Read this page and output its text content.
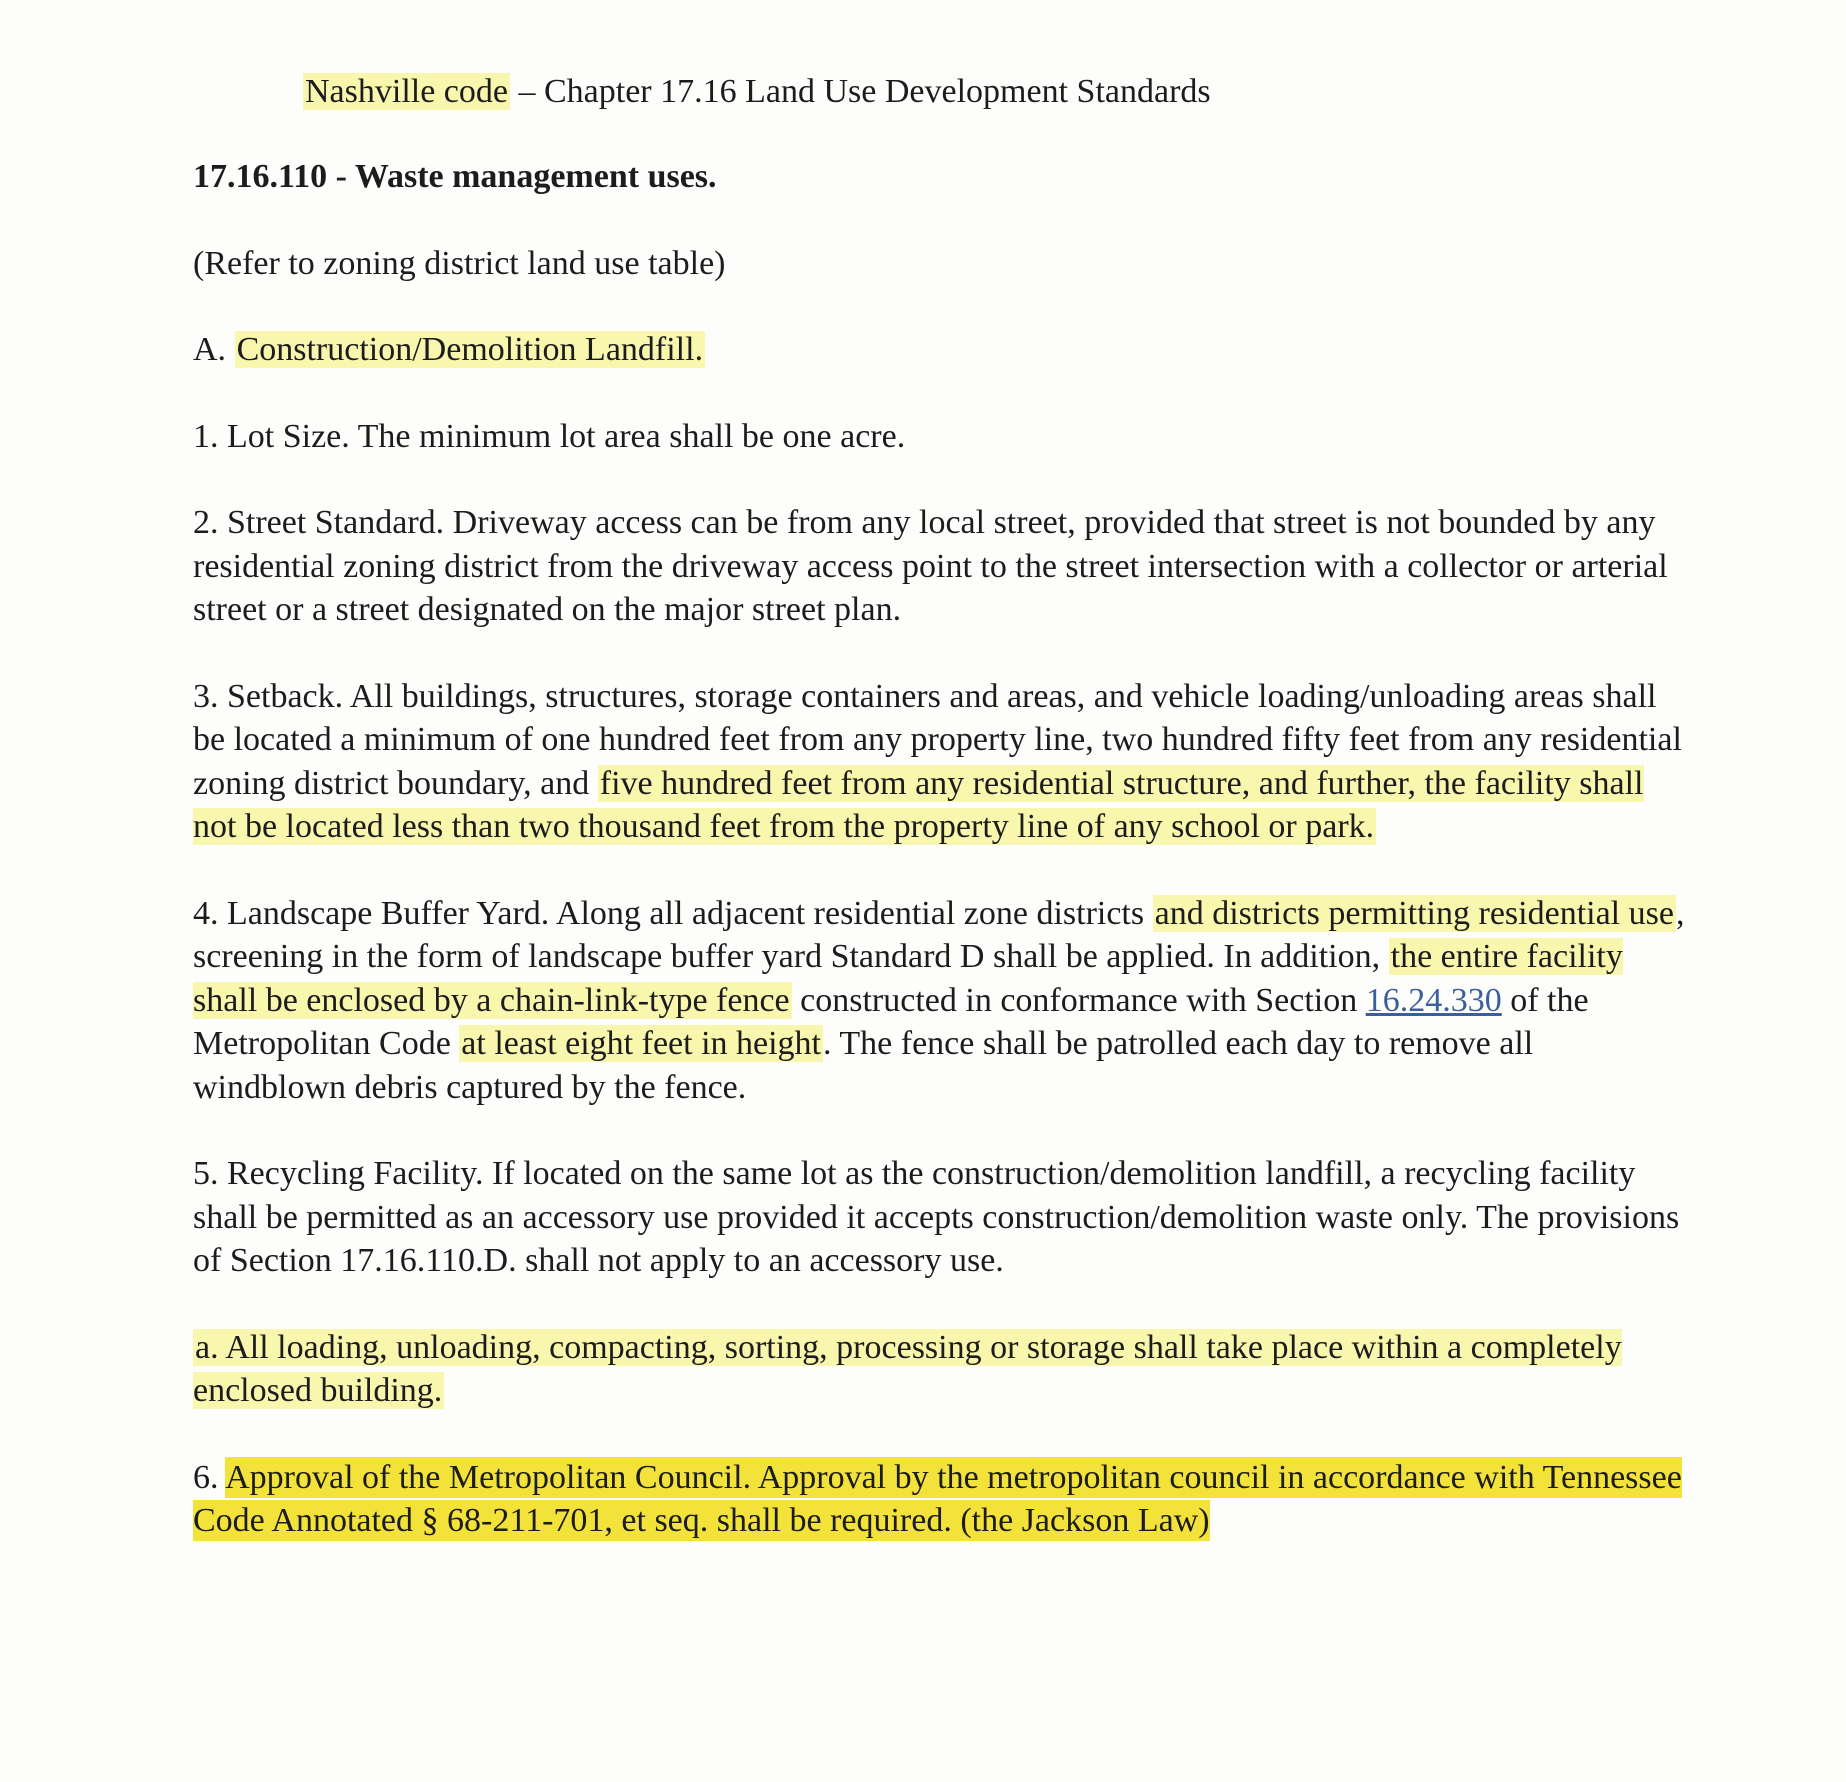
Nashville code – Chapter 17.16 Land Use Development Standards

17.16.110 - Waste management uses.

(Refer to zoning district land use table)

A. Construction/Demolition Landfill.

1. Lot Size. The minimum lot area shall be one acre.

2. Street Standard. Driveway access can be from any local street, provided that street is not bounded by any residential zoning district from the driveway access point to the street intersection with a collector or arterial street or a street designated on the major street plan.

3. Setback. All buildings, structures, storage containers and areas, and vehicle loading/unloading areas shall be located a minimum of one hundred feet from any property line, two hundred fifty feet from any residential zoning district boundary, and five hundred feet from any residential structure, and further, the facility shall not be located less than two thousand feet from the property line of any school or park.

4. Landscape Buffer Yard. Along all adjacent residential zone districts and districts permitting residential use, screening in the form of landscape buffer yard Standard D shall be applied. In addition, the entire facility shall be enclosed by a chain-link-type fence constructed in conformance with Section 16.24.330 of the Metropolitan Code at least eight feet in height. The fence shall be patrolled each day to remove all windblown debris captured by the fence.

5. Recycling Facility. If located on the same lot as the construction/demolition landfill, a recycling facility shall be permitted as an accessory use provided it accepts construction/demolition waste only. The provisions of Section 17.16.110.D. shall not apply to an accessory use.

a. All loading, unloading, compacting, sorting, processing or storage shall take place within a completely enclosed building.

6. Approval of the Metropolitan Council. Approval by the metropolitan council in accordance with Tennessee Code Annotated § 68-211-701, et seq. shall be required. (the Jackson Law)
